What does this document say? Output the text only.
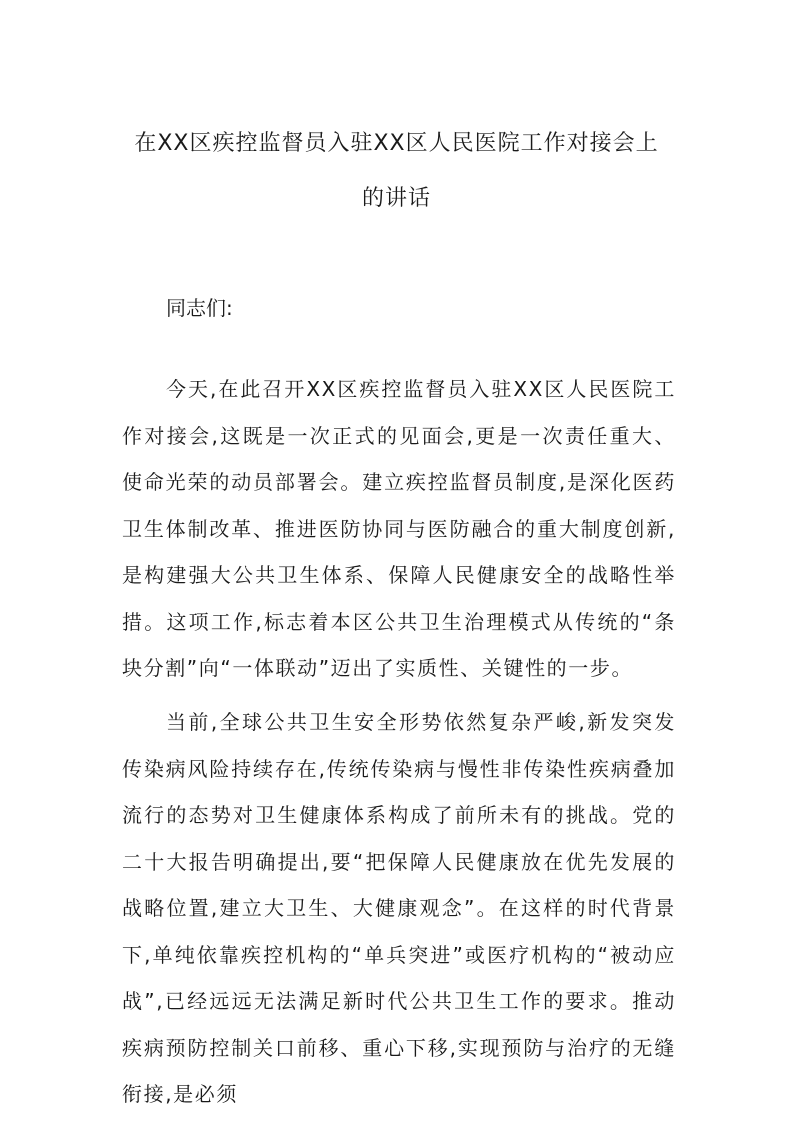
在XX区疾控监督员入驻XX区人民医院工作对接会上
的讲话

同志们:

今天,在此召开XX区疾控监督员入驻XX区人民医院工作对接会,这既是一次正式的见面会,更是一次责任重大、使命光荣的动员部署会。建立疾控监督员制度,是深化医药卫生体制改革、推进医防协同与医防融合的重大制度创新,是构建强大公共卫生体系、保障人民健康安全的战略性举措。这项工作,标志着本区公共卫生治理模式从传统的“条块分割”向“一体联动”迈出了实质性、关键性的一步。

当前,全球公共卫生安全形势依然复杂严峻,新发突发传染病风险持续存在,传统传染病与慢性非传染性疾病叠加流行的态势对卫生健康体系构成了前所未有的挑战。党的二十大报告明确提出,要“把保障人民健康放在优先发展的战略位置,建立大卫生、大健康观念”。在这样的时代背景下,单纯依靠疾控机构的“单兵突进”或医疗机构的“被动应战”,已经远远无法满足新时代公共卫生工作的要求。推动疾病预防控制关口前移、重心下移,实现预防与治疗的无缝衔接,是必须
